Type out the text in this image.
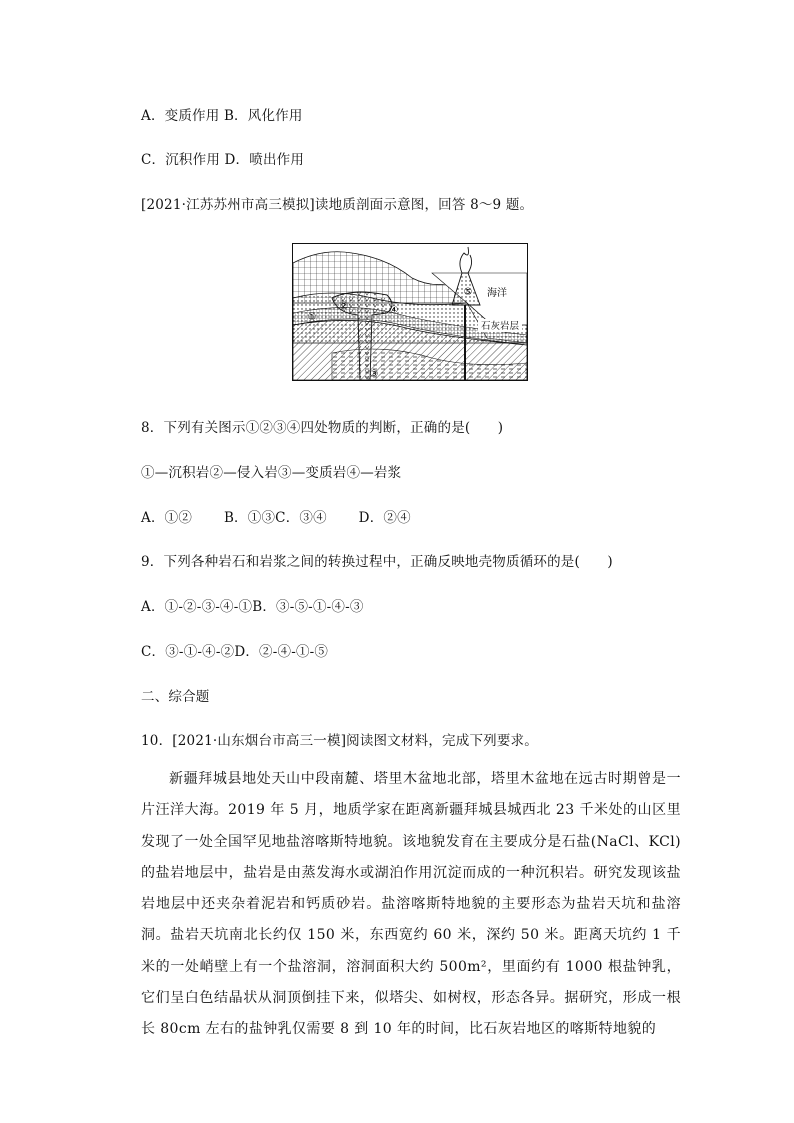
A．变质作用 B．风化作用
C．沉积作用 D．喷出作用
[2021·江苏苏州市高三模拟]读地质剖面示意图，回答 8～9 题。
海洋
石灰岩层
①
②
③
④
⑤
8．下列有关图示①②③④四处物质的判断，正确的是(　　)
①—沉积岩②—侵入岩③—变质岩④—岩浆
A．①②　　 B．①③C．③④　　 D．②④
9．下列各种岩石和岩浆之间的转换过程中，正确反映地壳物质循环的是(　　)
A．①-②-③-④-①B．③-⑤-①-④-③
C．③-①-④-②D．②-④-①-⑤
二、综合题
10．[2021·山东烟台市高三一模]阅读图文材料，完成下列要求。
新疆拜城县地处天山中段南麓、塔里木盆地北部，塔里木盆地在远古时期曾是一片汪洋大海。2019 年 5 月，地质学家在距离新疆拜城县城西北 23 千米处的山区里发现了一处全国罕见地盐溶喀斯特地貌。该地貌发育在主要成分是石盐(NaCl、KCl)的盐岩地层中，盐岩是由蒸发海水或湖泊作用沉淀而成的一种沉积岩。研究发现该盐岩地层中还夹杂着泥岩和钙质砂岩。盐溶喀斯特地貌的主要形态为盐岩天坑和盐溶洞。盐岩天坑南北长约仅 150 米，东西宽约 60 米，深约 50 米。距离天坑约 1 千米的一处峭壁上有一个盐溶洞，溶洞面积大约 500m²，里面约有 1000 根盐钟乳，它们呈白色结晶状从洞顶倒挂下来，似塔尖、如树杈，形态各异。据研究，形成一根长 80cm 左右的盐钟乳仅需要 8 到 10 年的时间，比石灰岩地区的喀斯特地貌的
